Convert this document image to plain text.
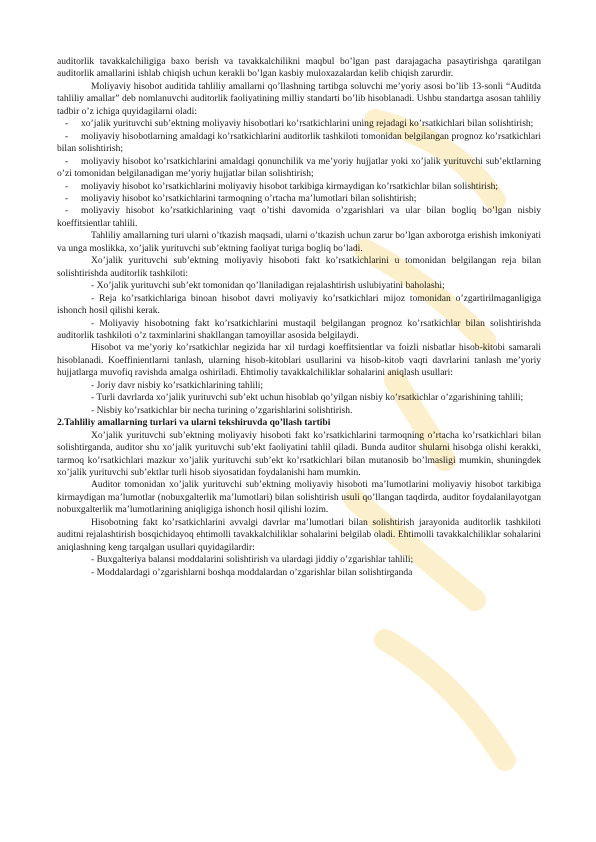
auditorlik tavakkalchiligiga baxo berish va tavakkalchilikni maqbul bo’lgan past darajagacha pasaytirishga qaratilgan auditorlik amallarini ishlab chiqish uchun kerakli bo’lgan kasbiy muloxazalardan kelib chiqish zarurdir.

Moliyaviy hisobot auditida tahliliy amallarni qo’llashning tartibga soluvchi me’yoriy asosi bo’lib 13-sonli “Auditda tahliliy amallar” deb nomlanuvchi auditorlik faoliyatining milliy standarti bo’lib hisoblanadi. Ushbu standartga asosan tahliliy tadbir o’z ichiga quyidagilarni oladi:

- xo’jalik yurituvchi sub’ektning moliyaviy hisobotlari ko’rsatkichlarini uning rejadagi ko’rsatkichlari bilan solishtirish;

- moliyaviy hisobotlarning amaldagi ko’rsatkichlarini auditorlik tashkiloti tomonidan belgilangan prognoz ko’rsatkichlari bilan solishtirish;

- moliyaviy hisobot ko’rsatkichlarini amaldagi qonunchilik va me’yoriy hujjatlar yoki xo’jalik yurituvchi sub’ektlarning o’zi tomonidan belgilanadigan me’yoriy hujjatlar bilan solishtirish;

- moliyaviy hisobot ko’rsatkichlarini moliyaviy hisobot tarkibiga kirmaydigan ko’rsatkichlar bilan solishtirish;

- moliyaviy hisobot ko’rsatkichlarini tarmoqning o’rtacha ma’lumotlari bilan solishtirish;

- moliyaviy hisobot ko’rsatkichlarining vaqt o’tishi davomida o’zgarishlari va ular bilan bogliq bo’lgan nisbiy koeffitsientlar tahlili.

Tahliliy amallarning turi ularni o’tkazish maqsadi, ularni o’tkazish uchun zarur bo’lgan axborotga erishish imkoniyati va unga moslikka, xo’jalik yurituvchi sub’ektning faoliyat turiga bogliq bo’ladi.

Xo’jalik yurituvchi sub’ektning moliyaviy hisoboti fakt ko’rsatkichlarini u tomonidan belgilangan reja bilan solishtirishda auditorlik tashkiloti:

- Xo’jalik yurituvchi sub’ekt tomonidan qo’llaniladigan rejalashtirish uslubiyatini baholashi;

- Reja ko’rsatkichlariga binoan hisobot davri moliyaviy ko’rsatkichlari mijoz tomonidan o’zgartirilmaganligiga ishonch hosil qilishi kerak.

- Moliyaviy hisobotning fakt ko’rsatkichlarini mustaqil belgilangan prognoz ko’rsatkichlar bilan solishtirishda auditorlik tashkiloti o’z taxminlarini shakllangan tamoyillar asosida belgilaydi.

Hisobot va me’yoriy ko’rsatkichlar negizida har xil turdagi koeffitsientlar va foizli nisbatlar hisob-kitobi samarali hisoblanadi. Koeffinientlarni tanlash, ularning hisob-kitoblari usullarini va hisob-kitob vaqti davrlarini tanlash me’yoriy hujjatlarga muvofiq ravishda amalga oshiriladi. Ehtimoliy tavakkalchiliklar sohalarini aniqlash usullari:

- Joriy davr nisbiy ko’rsatkichlarining tahlili;

- Turli davrlarda xo’jalik yurituvchi sub’ekt uchun hisoblab qo’yilgan nisbiy ko’rsatkichlar o’zgarishining tahlili;

- Nisbiy ko’rsatkichlar bir necha turining o’zgarishlarini solishtirish.

2.Tahliliy amallarning turlari va ularni tekshiruvda qo’llash tartibi

Xo’jalik yurituvchi sub’ektning moliyaviy hisoboti fakt ko’rsatkichlarini tarmoqning o’rtacha ko’rsatkichlari bilan solishtirganda, auditor shu xo’jalik yurituvchi sub’ekt faoliyatini tahlil qiladi. Bunda auditor shularni hisobga olishi kerakki, tarmoq ko’rsatkichlari mazkur xo’jalik yurituvchi sub’ekt ko’rsatkichlari bilan mutanosib bo’lmasligi mumkin, shuningdek xo’jalik yurituvchi sub’ektlar turli hisob siyosatidan foydalanishi ham mumkin.

Auditor tomonidan xo’jalik yurituvchi sub’ektning moliyaviy hisoboti ma’lumotlarini moliyaviy hisobot tarkibiga kirmaydigan ma’lumotlar (nobuxgalterlik ma’lumotlari) bilan solishtirish usuli qo’llangan taqdirda, auditor foydalanilayotgan nobuxgalterlik ma’lumotlarining aniqligiga ishonch hosil qilishi lozim.

Hisobotning fakt ko’rsatkichlarini avvalgi davrlar ma’lumotlari bilan solishtirish jarayonida auditorlik tashkiloti auditni rejalashtirish bosqichidayoq ehtimolli tavakkalchiliklar sohalarini belgilab oladi. Ehtimolli tavakkalchiliklar sohalarini aniqlashning keng tarqalgan usullari quyidagilardir:

- Buxgalteriya balansi moddalarini solishtirish va ulardagi jiddiy o’zgarishlar tahlili;

- Moddalardagi o’zgarishlarni boshqa moddalardan o’zgarishlar bilan solishtirganda
